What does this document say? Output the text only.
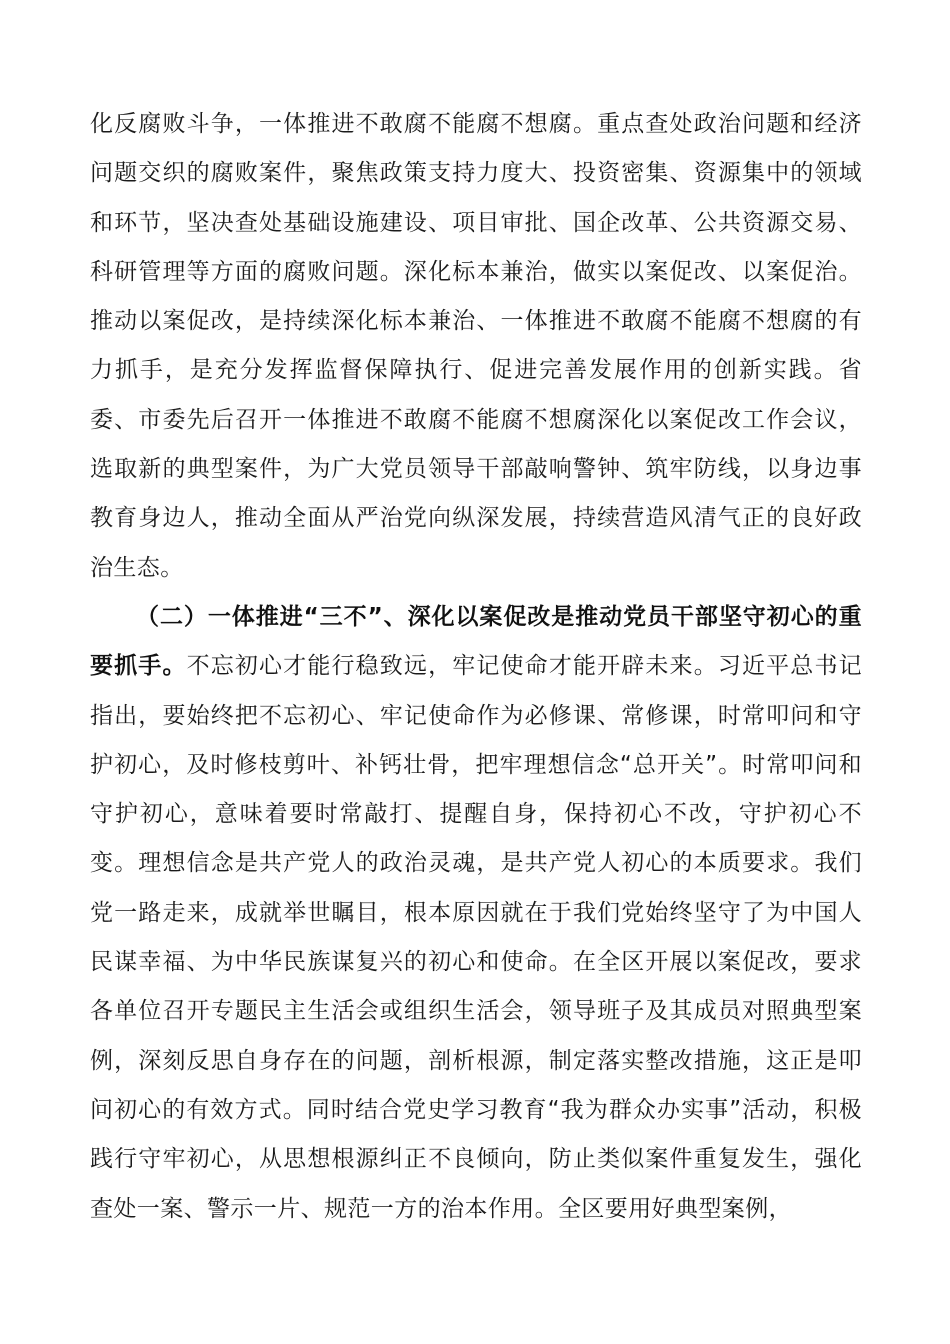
化反腐败斗争，一体推进不敢腐不能腐不想腐。重点查处政治问题和经济问题交织的腐败案件，聚焦政策支持力度大、投资密集、资源集中的领域和环节，坚决查处基础设施建设、项目审批、国企改革、公共资源交易、科研管理等方面的腐败问题。深化标本兼治，做实以案促改、以案促治。推动以案促改，是持续深化标本兼治、一体推进不敢腐不能腐不想腐的有力抓手，是充分发挥监督保障执行、促进完善发展作用的创新实践。省委、市委先后召开一体推进不敢腐不能腐不想腐深化以案促改工作会议，选取新的典型案件，为广大党员领导干部敲响警钟、筑牢防线，以身边事教育身边人，推动全面从严治党向纵深发展，持续营造风清气正的良好政治生态。

（二）一体推进“三不”、深化以案促改是推动党员干部坚守初心的重要抓手。不忘初心才能行稳致远，牢记使命才能开辟未来。习近平总书记指出，要始终把不忘初心、牢记使命作为必修课、常修课，时常叩问和守护初心，及时修枝剪叶、补钙壮骨，把牢理想信念“总开关”。时常叩问和守护初心，意味着要时常敲打、提醒自身，保持初心不改，守护初心不变。理想信念是共产党人的政治灵魂，是共产党人初心的本质要求。我们党一路走来，成就举世瞩目，根本原因就在于我们党始终坚守了为中国人民谋幸福、为中华民族谋复兴的初心和使命。在全区开展以案促改，要求各单位召开专题民主生活会或组织生活会，领导班子及其成员对照典型案例，深刻反思自身存在的问题，剖析根源，制定落实整改措施，这正是叩问初心的有效方式。同时结合党史学习教育“我为群众办实事”活动，积极践行守牢初心，从思想根源纠正不良倾向，防止类似案件重复发生，强化查处一案、警示一片、规范一方的治本作用。全区要用好典型案例，
